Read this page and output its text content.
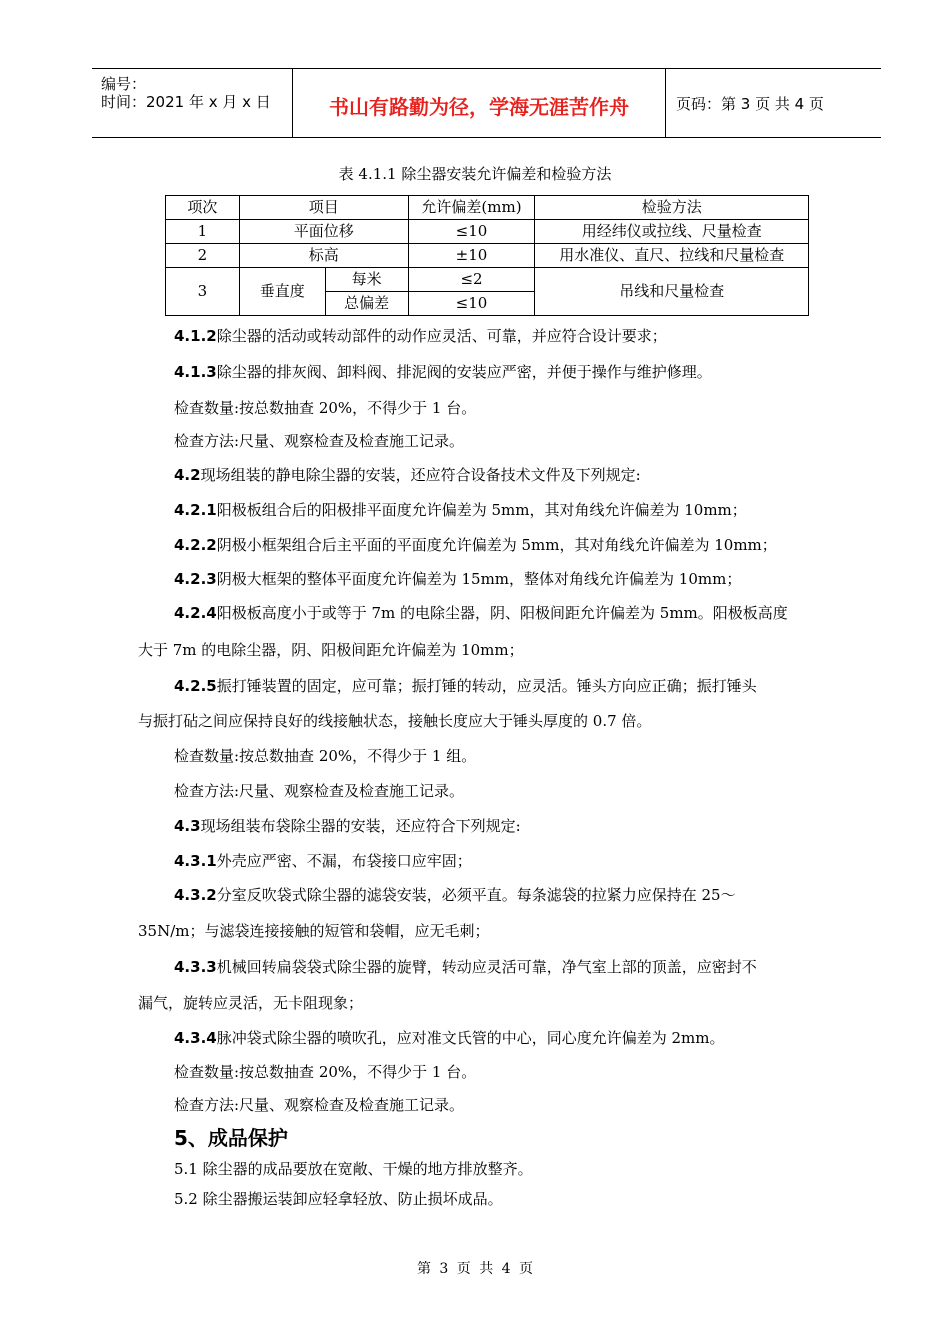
编号：
时间：2021 年 x 月 x 日	书山有路勤为径，学海无涯苦作舟	页码：第 3 页 共 4 页
表 4.1.1 除尘器安装允许偏差和检验方法
项次	项目		允许偏差(mm)	检验方法
1	平面位移		≤10	用经纬仪或拉线、尺量检查
2	标高		±10	用水准仪、直尺、拉线和尺量检查
3	垂直度	每米	≤2	吊线和尺量检查
		总偏差	≤10	
4.1.2除尘器的活动或转动部件的动作应灵活、可靠，并应符合设计要求；
4.1.3除尘器的排灰阀、卸料阀、排泥阀的安装应严密，并便于操作与维护修理。
检查数量:按总数抽查 20%，不得少于 1 台。
检查方法:尺量、观察检查及检查施工记录。
4.2现场组装的静电除尘器的安装，还应符合设备技术文件及下列规定:
4.2.1阳极板组合后的阳极排平面度允许偏差为 5mm，其对角线允许偏差为 10mm；
4.2.2阴极小框架组合后主平面的平面度允许偏差为 5mm，其对角线允许偏差为 10mm；
4.2.3阴极大框架的整体平面度允许偏差为 15mm，整体对角线允许偏差为 10mm；
4.2.4阳极板高度小于或等于 7m 的电除尘器，阴、阳极间距允许偏差为 5mm。阳极板高度
大于 7m 的电除尘器，阴、阳极间距允许偏差为 10mm；
4.2.5振打锤装置的固定，应可靠；振打锤的转动，应灵活。锤头方向应正确；振打锤头
与振打砧之间应保持良好的线接触状态，接触长度应大于锤头厚度的 0.7 倍。
检查数量:按总数抽查 20%，不得少于 1 组。
检查方法:尺量、观察检查及检查施工记录。
4.3现场组装布袋除尘器的安装，还应符合下列规定:
4.3.1外壳应严密、不漏，布袋接口应牢固；
4.3.2分室反吹袋式除尘器的滤袋安装，必须平直。每条滤袋的拉紧力应保持在 25～
35N/m；与滤袋连接接触的短管和袋帽，应无毛刺；
4.3.3机械回转扁袋袋式除尘器的旋臂，转动应灵活可靠，净气室上部的顶盖，应密封不
漏气，旋转应灵活，无卡阻现象；
4.3.4脉冲袋式除尘器的喷吹孔，应对准文氏管的中心，同心度允许偏差为 2mm。
检查数量:按总数抽查 20%，不得少于 1 台。
检查方法:尺量、观察检查及检查施工记录。
5、成品保护
5.1 除尘器的成品要放在宽敞、干燥的地方排放整齐。
5.2 除尘器搬运装卸应轻拿轻放、防止损坏成品。
第 3 页 共 4 页
